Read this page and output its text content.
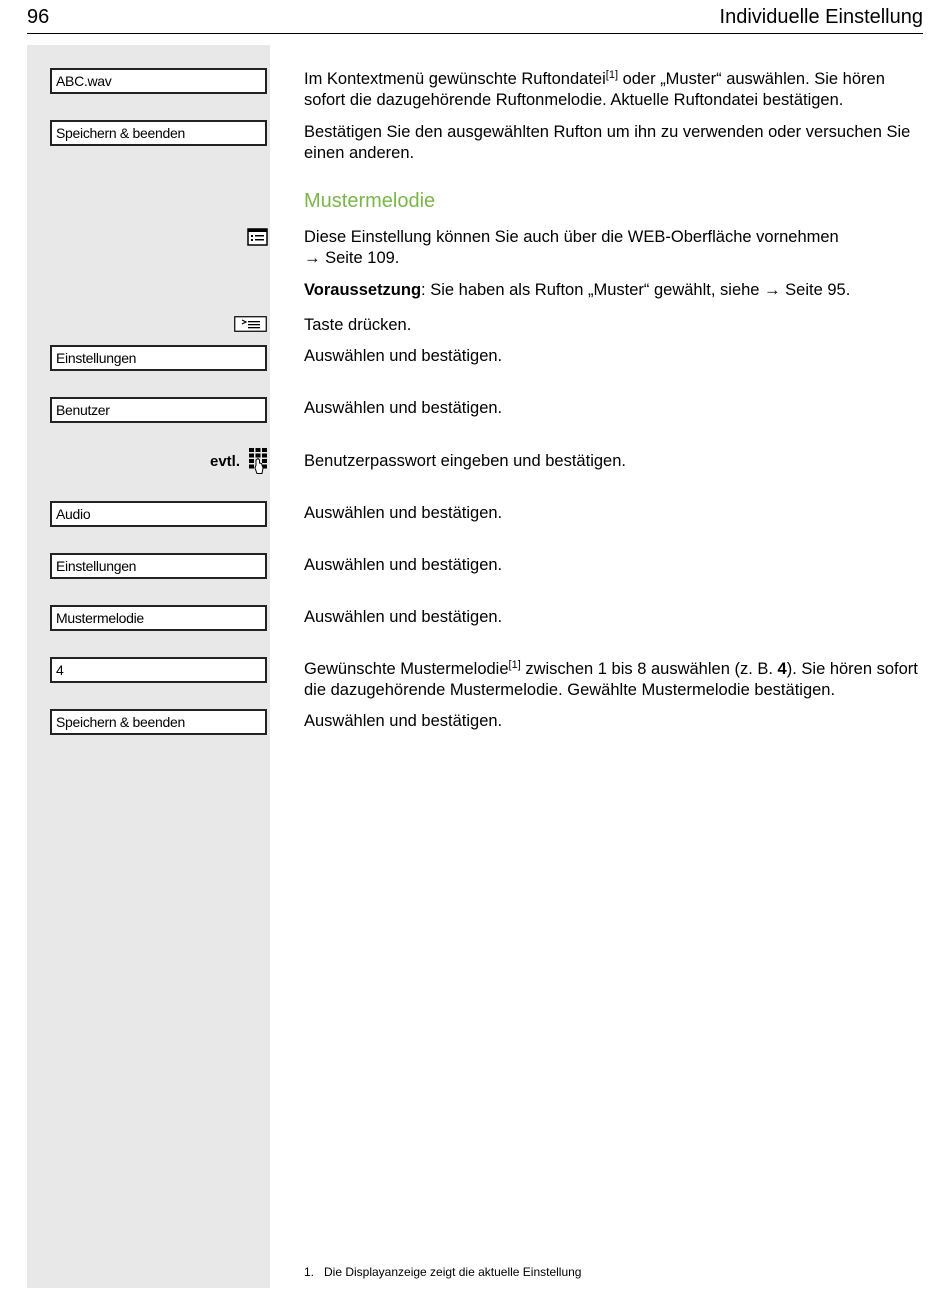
96	Individuelle Einstellung
ABC.wav
Speichern & beenden
Einstellungen
Benutzer
Audio
Einstellungen
Mustermelodie
4
Speichern & beenden
evtl.
Im Kontextmenü gewünschte Ruftondatei[1] oder „Muster“ auswählen. Sie hören sofort die dazugehörende Ruftonmelodie. Aktuelle Ruftondatei bestätigen.
Bestätigen Sie den ausgewählten Rufton um ihn zu verwenden oder versuchen Sie einen anderen.
Mustermelodie
Diese Einstellung können Sie auch über die WEB-Oberfläche vornehmen
→ Seite 109.
Voraussetzung: Sie haben als Rufton „Muster“ gewählt, siehe → Seite 95.
Taste drücken.
Auswählen und bestätigen.
Auswählen und bestätigen.
Benutzerpasswort eingeben und bestätigen.
Auswählen und bestätigen.
Auswählen und bestätigen.
Auswählen und bestätigen.
Gewünschte Mustermelodie[1] zwischen 1 bis 8 auswählen (z. B. 4). Sie hören sofort die dazugehörende Mustermelodie. Gewählte Mustermelodie bestätigen.
Auswählen und bestätigen.
1. Die Displayanzeige zeigt die aktuelle Einstellung
